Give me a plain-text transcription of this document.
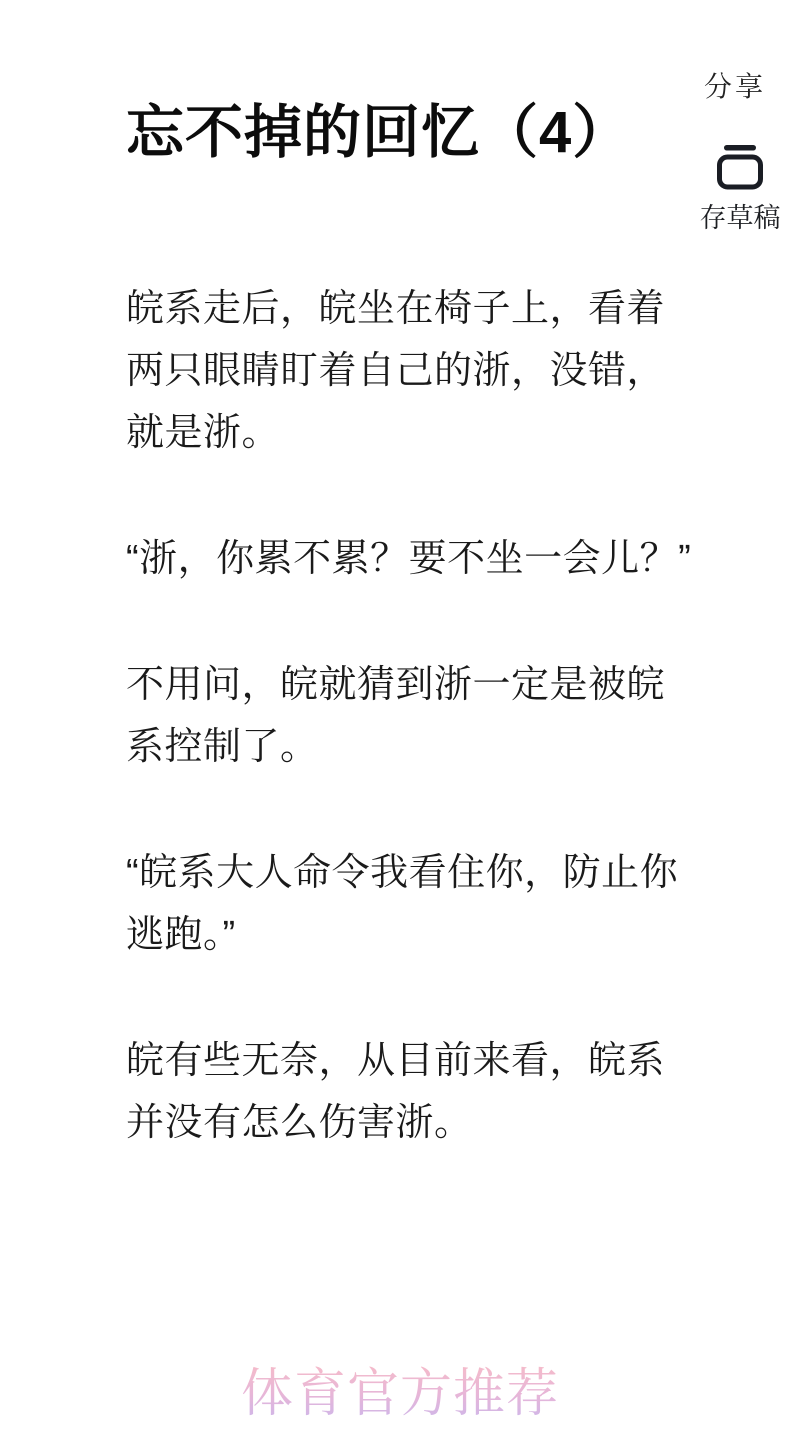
分享
存草稿
忘不掉的回忆（4）

皖系走后，皖坐在椅子上，看着两只眼睛盯着自己的浙，没错，就是浙。

“浙，你累不累？要不坐一会儿？”

不用问，皖就猜到浙一定是被皖系控制了。

“皖系大人命令我看住你，防止你逃跑。”

皖有些无奈，从目前来看，皖系并没有怎么伤害浙。

体育官方推荐
